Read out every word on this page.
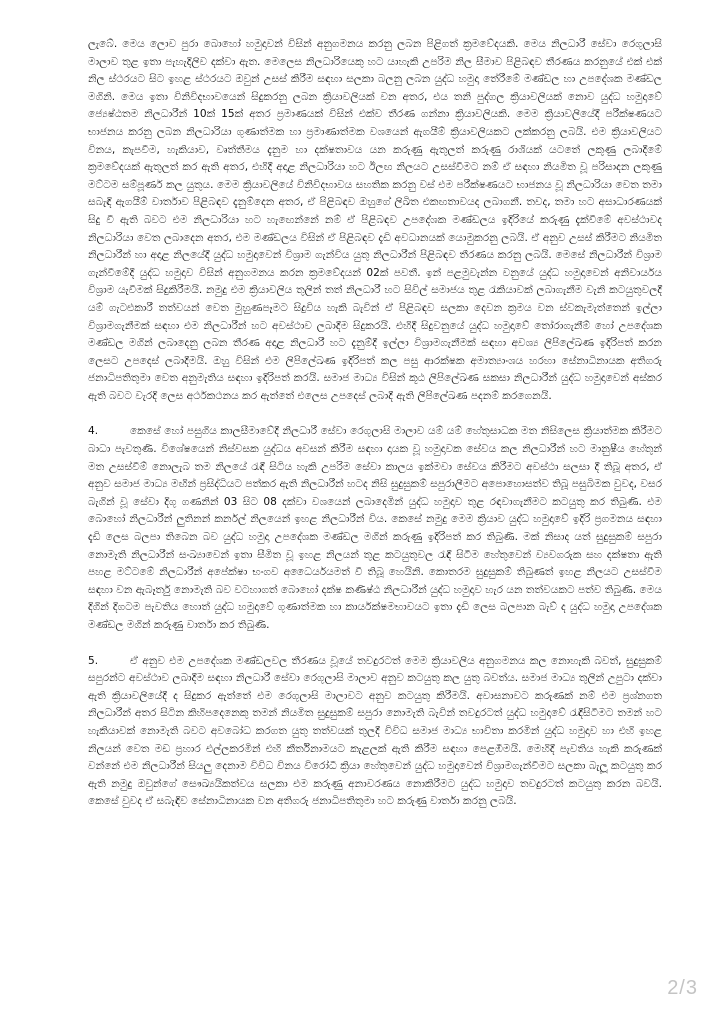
ලැබේ. මෙය ලොව පුරා බොහෝ හමුදාවන් විසින් අනුගමනය කරනු ලබන පිළිගත් ක්‍රමවේදයකි. මෙය නිලධාරී සේවා රෙගුලාසි මාලාව තුළ ඉතා පැහැදිලිව දක්වා ඇත. මෙලෙස නිලධාරියෙකු හට යාහැකි උපරිම නිල සීමාව පිළිබඳව තීරණය කරනුයේ එක් එක් නිල ස්ථරයට සිට ඉහළ ස්ථරයට ඔවුන් උසස් කිරීම සඳහා සලකා බලනු ලබන යුද්ධ හමුදා තේරීමේ මණ්ඩල හා උපදේශක මණ්ඩල මගිනි. මෙය ඉතා විනිවිදභාවයෙන් සිදුකරනු ලබන ක්‍රියාවලියක් වන අතර, එය තනි පුද්ගල ක්‍රියාවලියක් නොව යුද්ධ හමුදාවේ ජ්‍යෙෂ්ඨතම නිලධාරීන් 10ක් 15ක් අතර ප්‍රමාණයක් විසින් එක්ව තීරණ ගන්නා ක්‍රියාවලියකි. මෙම ක්‍රියාවලියේදී පරීක්ෂණයට භාජනය කරනු ලබන නිලධාරියා ගුණාත්මක හා ප්‍රමාණාත්මක වශයෙන් ඇගයීම් ක්‍රියාවලියකට ලක්කරනු ලබයි. එම ක්‍රියාවලියට විනය, කැපවීම, හැකියාව, වෘත්තීමය දැනුම හා දක්ෂතාවය යන කරුණු ඇතුලත් කරුණු රාශියක් යටතේ ලකුණු ලබාදීමේ ක්‍රමවේදයක් ඇතුලත් කර ඇති අතර, එහිදී අදාළ නිලධාරියා හට ඊලඟ නිලයට උසස්වීමට නම් ඒ සඳහා නියමිත වූ පරිසාදන ලකුණු මට්ටම සම්පූර්ණ කල යුතුය. මෙම ක්‍රියාවලියේ විනිවිදභාවය සහතික කරනු වස් එම පරීක්ෂණයට භාජනය වූ නිලධාරියා වෙත තමා සබැඳි ඇගයීම් වාර්තාව පිළිබඳව දැනුම්දෙන අතර, ඒ පිළිබඳව ඔහුගේ ලිඛිත එකඟතාවයද ලබාගනී. තවද, තමා හට අසාධාරණයක් සිදු වී ඇති බවට එම නිලධාරියා හට හැඟෙන්නේ නම් ඒ පිළිබඳව උපදේශක මණ්ඩලය ඉදිරියේ කරුණු දැක්වීමේ අවස්ථාවද නිලධාරියා වෙත ලබාදෙන අතර, එම මණ්ඩලය විසින් ඒ පිළිබඳව දැඩි අවධානයක් යොමුකරනු ලබයි. ඒ අනුව උසස් කිරීමට නියමිත නිලධාරීන් හා අදාළ නිලයේදී යුද්ධ හමුදාවෙන් විශ්‍රාම ගැන්විය යුතු නිලධාරීන් පිළිබඳව තීරණය කරනු ලබයි. මෙසේ නිලධාරීන් විශ්‍රාම ගැන්වීමේදී යුද්ධ හමුදාව විසින් අනුගමනය කරන ක්‍රමවේදයන් 02ක් පවතී. ඉන් පළමුවැන්න වනුයේ යුද්ධ හමුදාවෙන් අනිවාර්යය විශ්‍රාම යැවීමක් සිදුකිරීමයි. නමුදු එම ක්‍රියාවලිය තුලින් තත් නිලධාරී හට සිවිල් සමාජය තුළ රැකියාවක් ලබාගැනීම වැනි කටයුතුවලදී යම් ගැටළුකාරී තත්වයන් වෙත මුහුණපෑමට සිදුවිය හැකි බැවින් ඒ පිළිබඳව සලකා දෙවන ක්‍රමය වන ස්වකැමැත්තෙන් ඉල්ලා විශ්‍රාමගැනීමක් සඳහා එම නිලධාරීන් හට අවස්ථාව ලබාදීම සිදුකරයි. එහිදී සිදුවනුයේ යුද්ධ හමුදාවේ තෝරාගැනීම් හෝ උපදේශක මණ්ඩල මගින් ලබාදෙනු ලබන තීරණ අදාළ නිලධාරී හට දැනුම්දී ඉල්ලා විශ්‍රාමගැනීමක් සඳහා අවශ්‍ය ලිපිලේඛණ ඉදිරිපත් කරන ලෙසට උපදෙස් ලබාදීමයි. ඔහු විසින් එම ලිපිලේඛණ ඉදිරිපත් කල පසු ආරක්ෂක අමාත්‍යාංශය හරහා සේනාධිනායක අතිගරු ජනාධිපතිතුමා වෙත අනුමැතිය සඳහා ඉදිරිපත් කරයි. සමාජ මාධ්‍ය විසින් කූඨ ලිපිලේඛණ සකසා නිලධාරීන් යුද්ධ හමුදාවෙන් අස්කර ඇති බවට වැරදි ලෙස අර්ථකථනය කර ඇත්තේ එලෙස උපදෙස් ලබාදී ඇති ලිපිලේඛණ පදනම් කරගෙනයි.

4.	කෙසේ හෝ පසුගිය කාලසීමාවේදී නිලධාරී සේවා රෙගුලාසි මාලාව යම් යම් හේතුසාධක මත නිසිලෙස ක්‍රියාත්මක කිරීමට බාධා පැවතුණි. විශේෂයෙන් නිස්වසක යුද්ධය අවසන් කිරීම සඳහා දායක වූ හමුදාවක සේවය කල නිලධාරීන් හට මානුෂීය හේතුන් මත උසස්වීම් නොලැබ තම නිලයේ රැඳී සිටිය හැකි උපරිම සේවා කාලය ඉක්මවා සේවය කිරීමට අවස්ථා සලසා දී තිබූ අතර, ඒ අනුව සමාජ මාධ්‍ය මඟින් ප්‍රසිද්ධියට පත්කර ඇති නිලධාරීන් හටද නිසි සුදුසුකම් සපුරාලීමට අපොහොසත්ව තිබූ පසුබිමක වුවද, වසර බැගින් වූ සේවා දිගු ගණනින් 03 සිට 08 දක්වා වශයෙන් ලබාදෙමින් යුද්ධ හමුදාව තුළ රඳවාගැනීමට කටයුතු කර තිබුණි. එම බොහෝ නිලධාරීන් ලුතිනන් කර්නල් නිලයෙන් ඉහළ නිලධාරීන් විය. කෙසේ නමුදු මෙම ක්‍රියාව යුද්ධ හමුදාවේ ඉදිරි ප්‍රගමනය සඳහා දැඩි ලෙස බලපා තිබෙන බව යුද්ධ හමුදා උපදේශක මණ්ඩල මගින් කරුණු ඉදිරිපත් කර තිබුණි. මක් නිසාද යත් සුදුසුකම් සපුරා නොමැති නිලධාරීන් සංඛ්‍යාවෙන් ඉතා සීමිත වූ ඉහළ නිලයන් තුළ කටයුතුවල රැඳී සිටීම හේතුවෙන් ව්‍යවගරුක සහ දක්ෂතා ඇති පහළ මට්ටමේ නිලධාරීන් අපේක්ෂා භංගව අධෛර්යයමත් වී තිබූ හෙයිනි. කොතරම සුදුසුකම් තිබුණත් ඉහළ නිලයට උසස්වීම සඳහා වන ඇබෑර්තු නොමැති බව වටහාගත් බොහෝ දක්ෂ කණිෂ්ඨ නිලධාරීන් යුද්ධ හමුදාව හැර යන තත්වයකට පත්ව තිබුණි. මෙය දිගින් දිගටම පැවතිය හොත් යුද්ධ හමුදාවේ ගුණාත්මක හා කාර්යක්ෂමභාවයට ඉතා දැඩි ලෙස බලපාන බැව් ද යුද්ධ හමුදා උපදේශක මණ්ඩල මගින් කරුණු වාර්තා කර තිබුණි.

5.	ඒ අනුව එම උපදේශක මණ්ඩලවල තීරණය වූයේ තවදුරටත් මෙම ක්‍රියාවලිය අනුගමනය කල නොහැකි බවත්, සුදුසුකම් සපුරන්ට අවස්ථාව ලබාදීම සඳහා නිලධාරී සේවා රෙගුලාසි මාලාව අනුව කටයුතු කල යුතු බවත්ය. සමාජ මාධ්‍ය තුලින් උපුටා දක්වා ඇති ක්‍රියාවලියේදී ද සිදුකර ඇත්තේ එම රෙගුලාසි මාලාවට අනුව කටයුතු කිරීමයි. අවාසනාවට කරුණක් නම් එම ප්‍රශ්නගත නිලධාරීන් අතර සිටින කිහිපදෙනෙකු තමන් නියමිත සුදුසුකම් සපුරා නොමැති බැවින් තවදුරටත් යුද්ධ හමුදාවේ රැඳීසිටීමට තමන් හට හැකියාවක් නොමැති බවට අවබෝධ කරගත යුතු තත්වයක් තුලදී විවිධ සමාජ මාධ්‍ය භාවිතා කරමින් යුද්ධ හමුදාව හා එහි ඉහළ නිලයන් වෙත මඩ ප්‍රහාර එල්ලකරමින් එහි කීර්තිනාමයට කැළලක් ඇති කිරීම සඳහා පෙළඹීමයි. මෙහිදී පැවතිය හැකි කරුණක් වන්නේ එම නිලධාරීන් සියලු දෙනාම විවිධ විනය විරෝධී ක්‍රියා හේතුවෙන් යුද්ධ හමුදාවෙන් විශ්‍රාමගැන්වීමට සලකා බැලූ කටයුතු කර ඇති නමුදු ඔවුන්ගේ සෞඛ්‍යයිකත්වය සලකා එම කරුණු අනාවරණය නොකිරීමට යුද්ධ හමුදාව තවදුරටත් කටයුතු කරන බවයි. කෙසේ වුවද ඒ සබැඳිව සේනාධිනායක වන අතිගරු ජනාධිපතිතුමා හට කරුණු වාර්තා කරනු ලබයි.

2/3
